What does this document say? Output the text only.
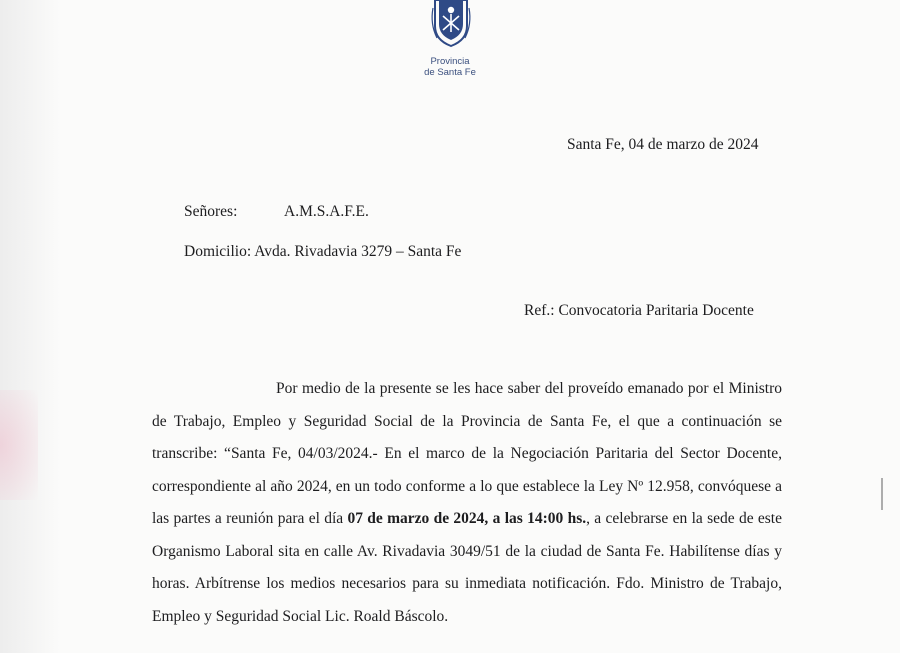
Provincia
de Santa Fe
Santa Fe, 04 de marzo de 2024
Señores:	A.M.S.A.F.E.
Domicilio: Avda. Rivadavia 3279 – Santa Fe
Ref.: Convocatoria Paritaria Docente

Por medio de la presente se les hace saber del proveído emanado por el Ministro de Trabajo, Empleo y Seguridad Social de la Provincia de Santa Fe, el que a continuación se transcribe: “Santa Fe, 04/03/2024.- En el marco de la Negociación Paritaria del Sector Docente, correspondiente al año 2024, en un todo conforme a lo que establece la Ley Nº 12.958, convóquese a las partes a reunión para el día 07 de marzo de 2024, a las 14:00 hs., a celebrarse en la sede de este Organismo Laboral sita en calle Av. Rivadavia 3049/51 de la ciudad de Santa Fe. Habilítense días y horas. Arbítrense los medios necesarios para su inmediata notificación. Fdo. Ministro de Trabajo, Empleo y Seguridad Social Lic. Roald Báscolo.
